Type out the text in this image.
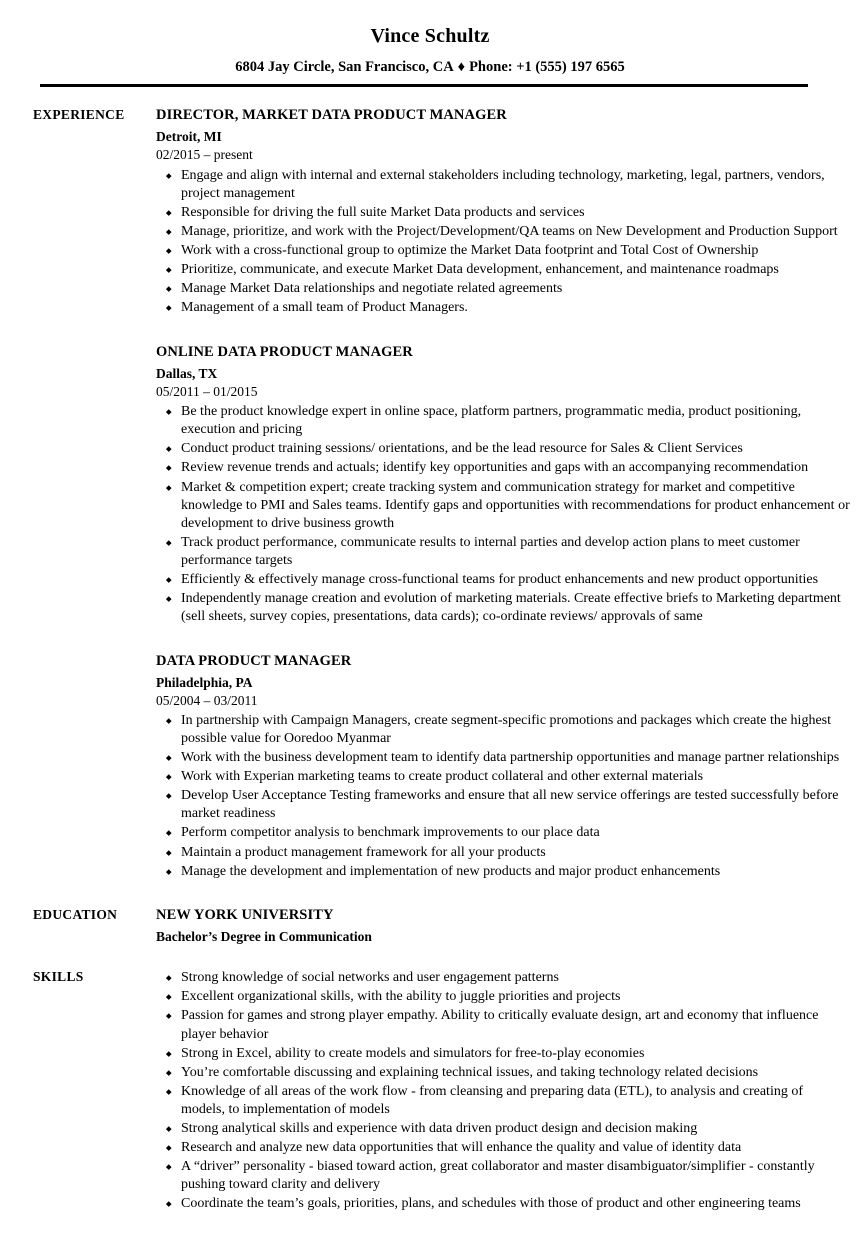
Vince Schultz
6804 Jay Circle, San Francisco, CA ♦ Phone: +1 (555) 197 6565
EXPERIENCE	DIRECTOR, MARKET DATA PRODUCT MANAGER
Detroit, MI
02/2015 – present
Engage and align with internal and external stakeholders including technology, marketing, legal, partners, vendors, project management
Responsible for driving the full suite Market Data products and services
Manage, prioritize, and work with the Project/Development/QA teams on New Development and Production Support
Work with a cross-functional group to optimize the Market Data footprint and Total Cost of Ownership
Prioritize, communicate, and execute Market Data development, enhancement, and maintenance roadmaps
Manage Market Data relationships and negotiate related agreements
Management of a small team of Product Managers.
ONLINE DATA PRODUCT MANAGER
Dallas, TX
05/2011 – 01/2015
Be the product knowledge expert in online space, platform partners, programmatic media, product positioning, execution and pricing
Conduct product training sessions/ orientations, and be the lead resource for Sales & Client Services
Review revenue trends and actuals; identify key opportunities and gaps with an accompanying recommendation
Market & competition expert; create tracking system and communication strategy for market and competitive knowledge to PMI and Sales teams. Identify gaps and opportunities with recommendations for product enhancement or development to drive business growth
Track product performance, communicate results to internal parties and develop action plans to meet customer performance targets
Efficiently & effectively manage cross-functional teams for product enhancements and new product opportunities
Independently manage creation and evolution of marketing materials. Create effective briefs to Marketing department (sell sheets, survey copies, presentations, data cards); co-ordinate reviews/ approvals of same
DATA PRODUCT MANAGER
Philadelphia, PA
05/2004 – 03/2011
In partnership with Campaign Managers, create segment-specific promotions and packages which create the highest possible value for Ooredoo Myanmar
Work with the business development team to identify data partnership opportunities and manage partner relationships
Work with Experian marketing teams to create product collateral and other external materials
Develop User Acceptance Testing frameworks and ensure that all new service offerings are tested successfully before market readiness
Perform competitor analysis to benchmark improvements to our place data
Maintain a product management framework for all your products
Manage the development and implementation of new products and major product enhancements
EDUCATION	NEW YORK UNIVERSITY
Bachelor’s Degree in Communication
SKILLS	Strong knowledge of social networks and user engagement patterns
Excellent organizational skills, with the ability to juggle priorities and projects
Passion for games and strong player empathy. Ability to critically evaluate design, art and economy that influence player behavior
Strong in Excel, ability to create models and simulators for free-to-play economies
You’re comfortable discussing and explaining technical issues, and taking technology related decisions
Knowledge of all areas of the work flow - from cleansing and preparing data (ETL), to analysis and creating of models, to implementation of models
Strong analytical skills and experience with data driven product design and decision making
Research and analyze new data opportunities that will enhance the quality and value of identity data
A “driver” personality - biased toward action, great collaborator and master disambiguator/simplifier - constantly pushing toward clarity and delivery
Coordinate the team’s goals, priorities, plans, and schedules with those of product and other engineering teams
